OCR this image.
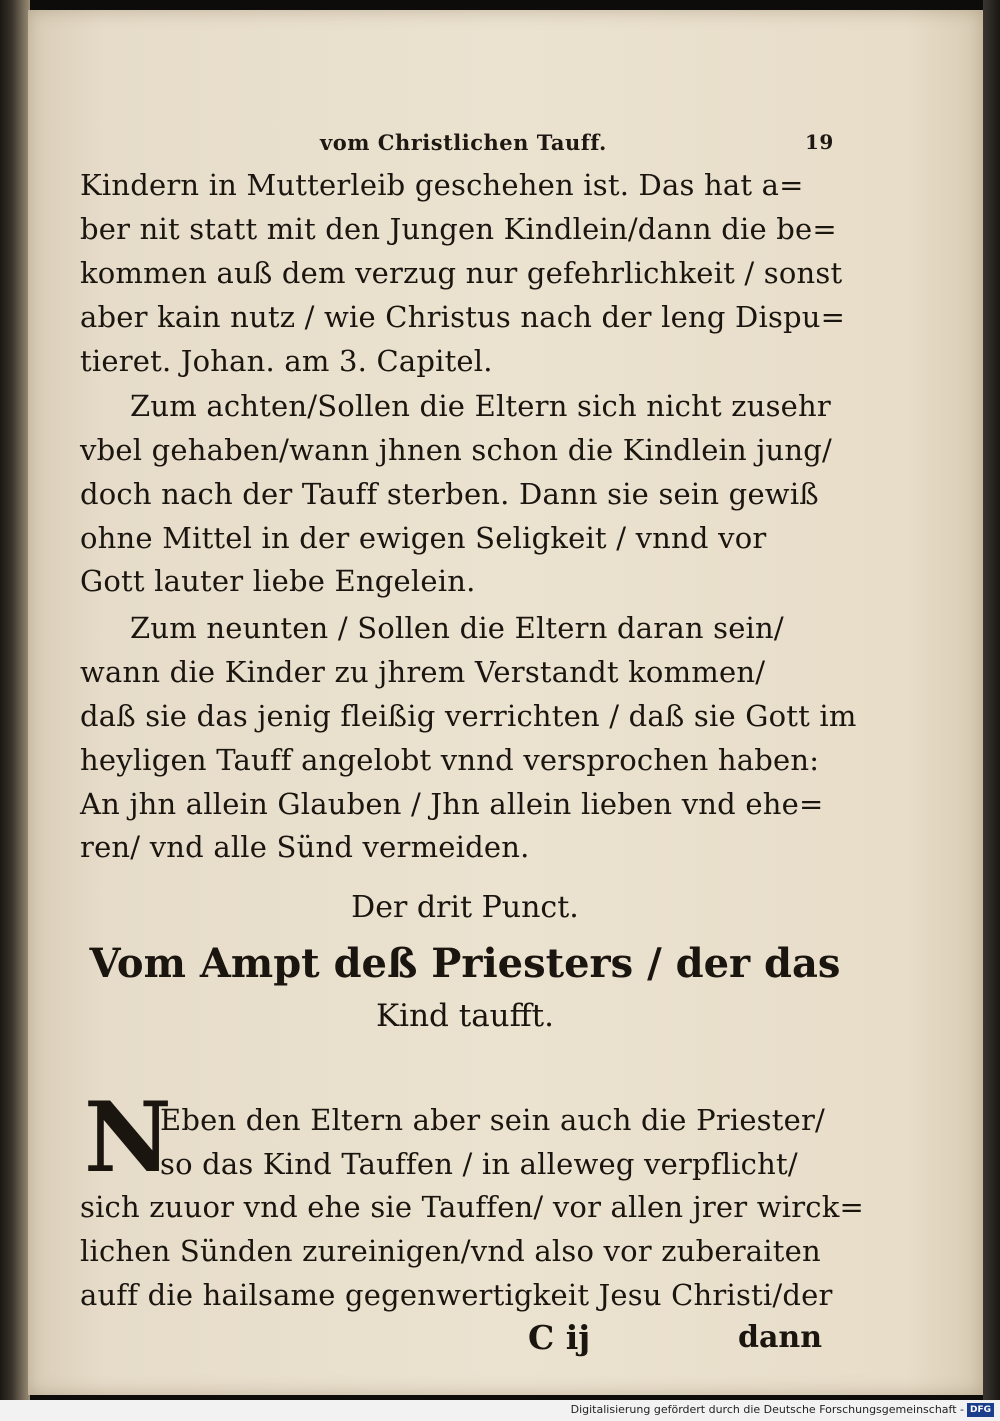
vom Christlichen Tauff.	19
Kindern in Mutterleib geschehen ist. Das hat a=
ber nit statt mit den Jungen Kindlein/dann die be=
kommen auß dem verzug nur gefehrlichkeit / sonst
aber kain nutz / wie Christus nach der leng Dispu=
tieret. Johan. am 3. Capitel.
Zum achten/Sollen die Eltern sich nicht zusehr
vbel gehaben/wann jhnen schon die Kindlein jung/
doch nach der Tauff sterben. Dann sie sein gewiß
ohne Mittel in der ewigen Seligkeit / vnnd vor
Gott lauter liebe Engelein.
Zum neunten / Sollen die Eltern daran sein/
wann die Kinder zu jhrem Verstandt kommen/
daß sie das jenig fleißig verrichten / daß sie Gott im
heyligen Tauff angelobt vnnd versprochen haben:
An jhn allein Glauben / Jhn allein lieben vnd ehe=
ren/ vnd alle Sünd vermeiden.
Der drit Punct.
Vom Ampt deß Priesters / der das
Kind taufft.
N
Eben den Eltern aber sein auch die Priester/
so das Kind Tauffen / in alleweg verpflicht/
sich zuuor vnd ehe sie Tauffen/ vor allen jrer wirck=
lichen Sünden zureinigen/vnd also vor zuberaiten
auff die hailsame gegenwertigkeit Jesu Christi/der
C ij	dann
Digitalisierung gefördert durch die Deutsche Forschungsgemeinschaft - DFG
